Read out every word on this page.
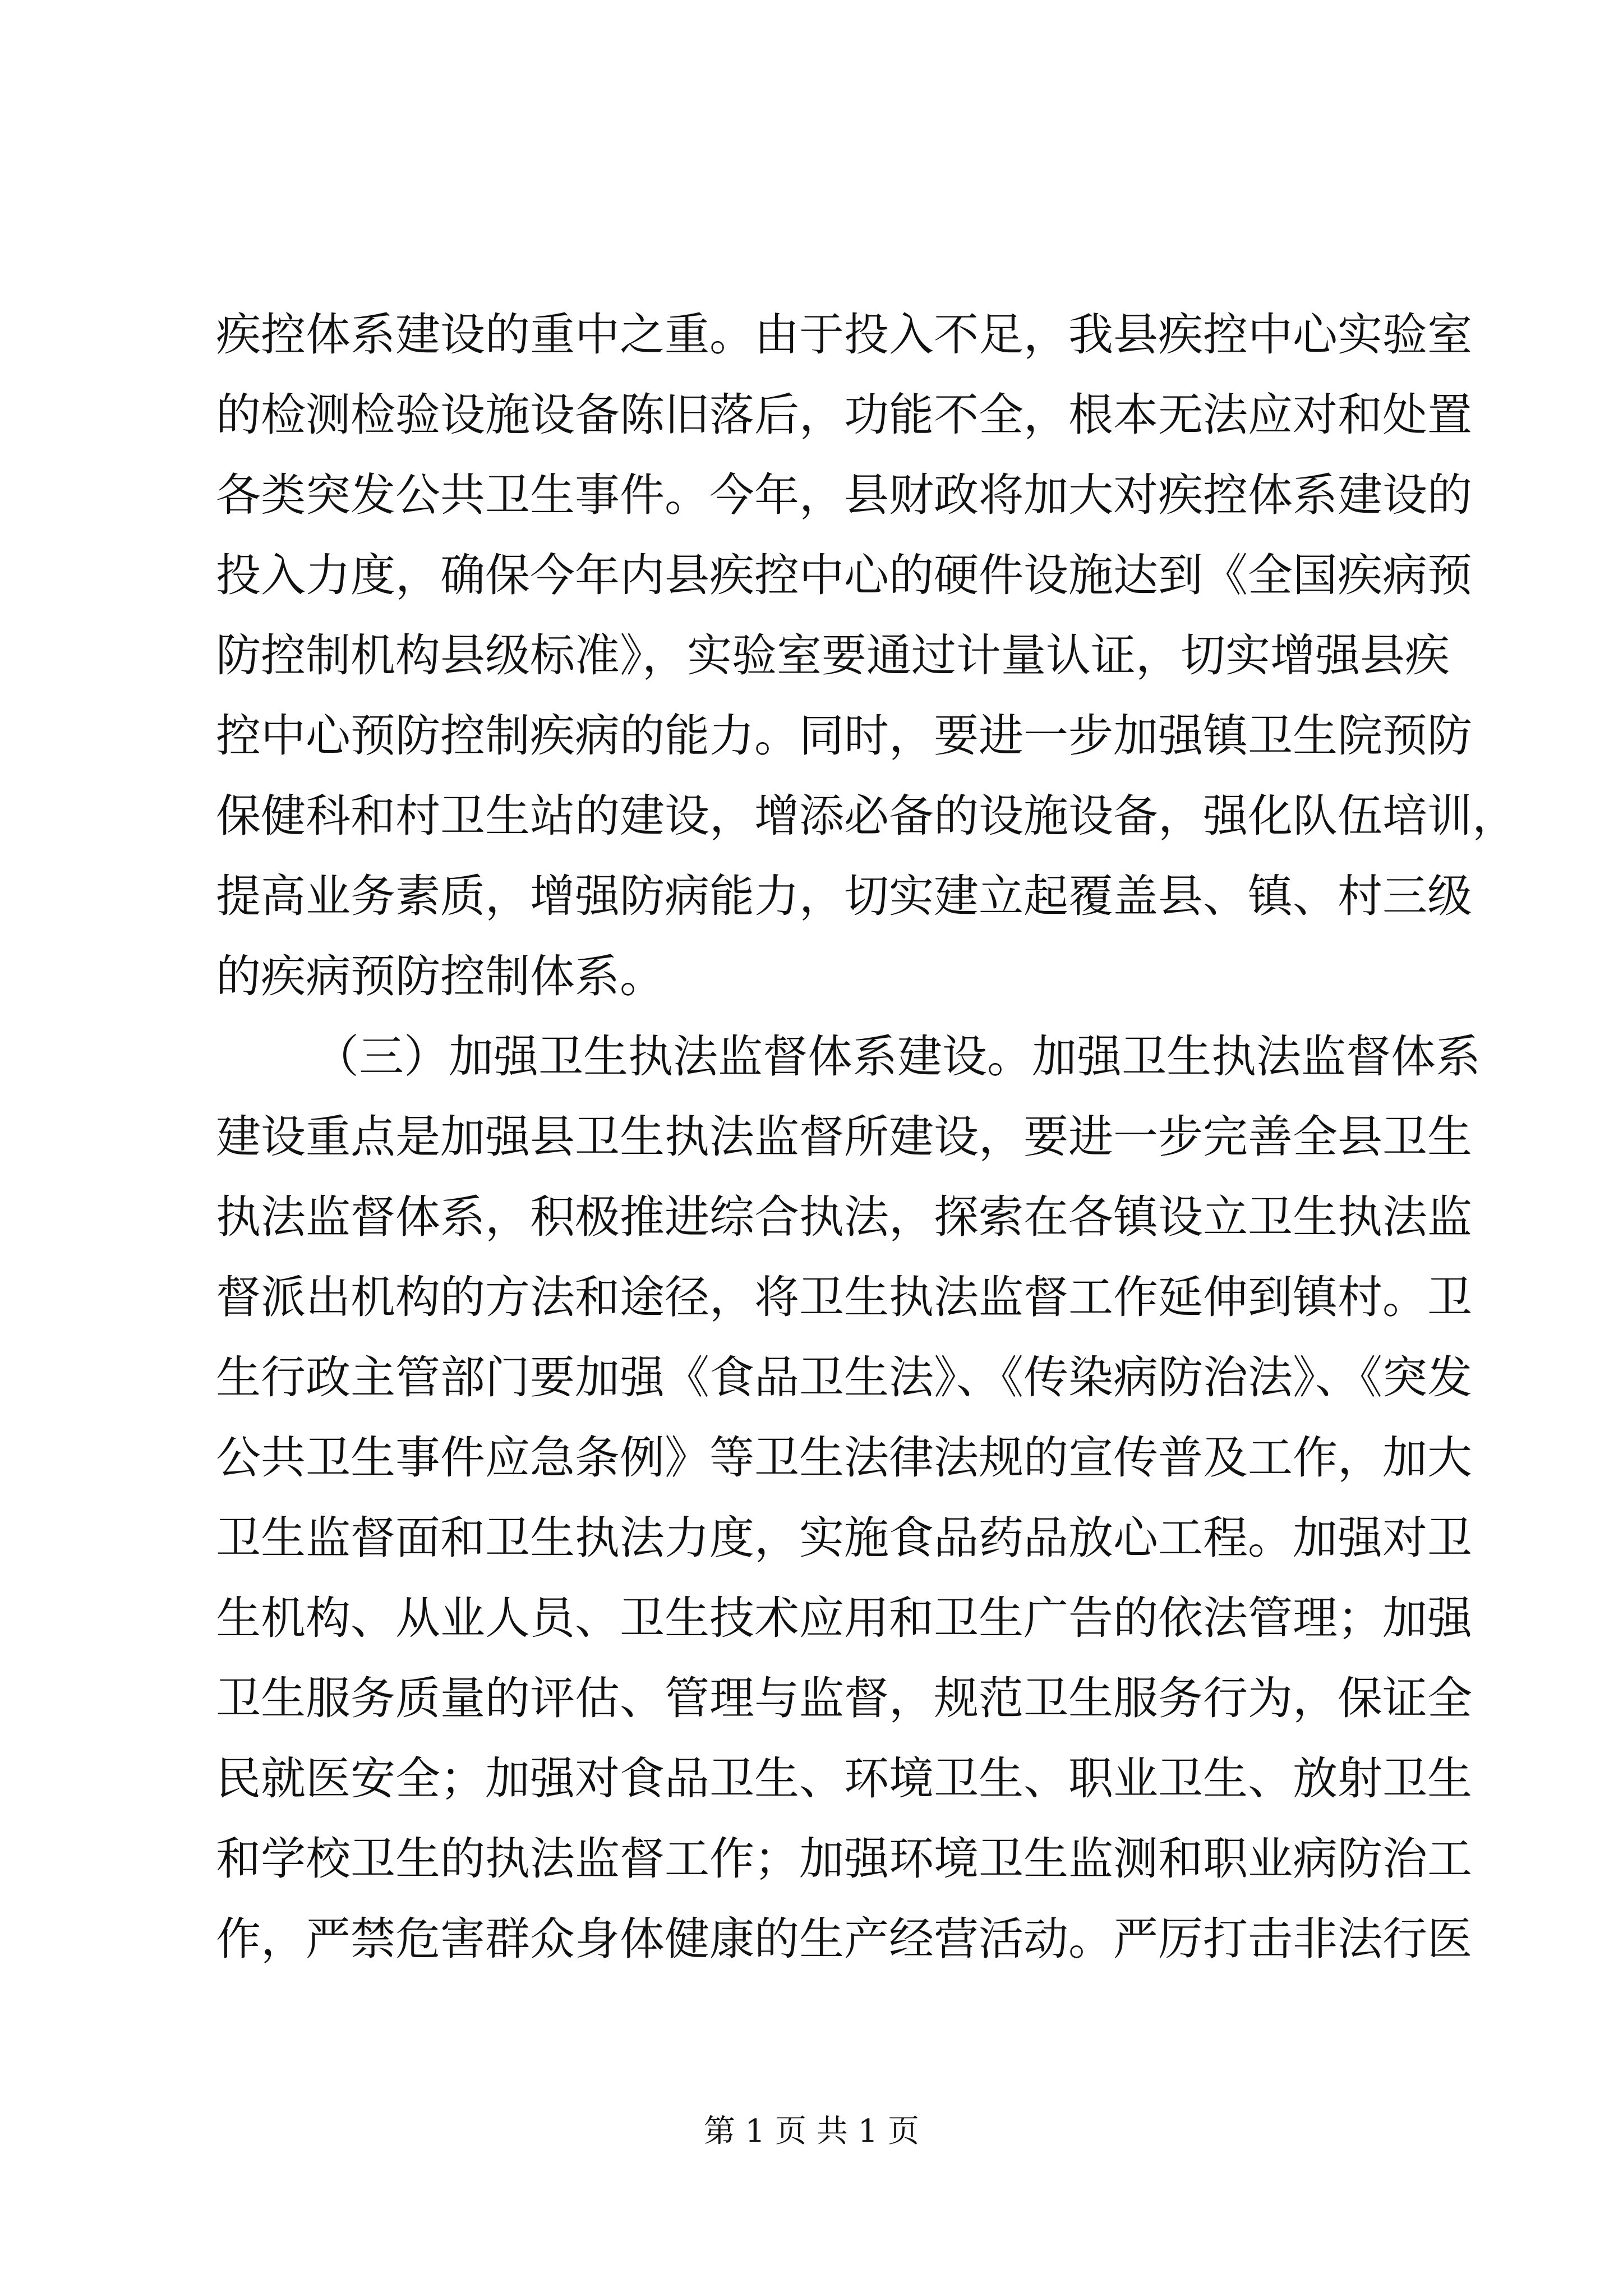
疾控体系建设的重中之重。由于投入不足，我县疾控中心实验室
的检测检验设施设备陈旧落后，功能不全，根本无法应对和处置
各类突发公共卫生事件。今年，县财政将加大对疾控体系建设的
投入力度，确保今年内县疾控中心的硬件设施达到《全国疾病预
防控制机构县级标准》，实验室要通过计量认证，切实增强县疾
控中心预防控制疾病的能力。同时，要进一步加强镇卫生院预防
保健科和村卫生站的建设，增添必备的设施设备，强化队伍培训，
提高业务素质，增强防病能力，切实建立起覆盖县、镇、村三级
的疾病预防控制体系。
（三）加强卫生执法监督体系建设。加强卫生执法监督体系
建设重点是加强县卫生执法监督所建设，要进一步完善全县卫生
执法监督体系，积极推进综合执法，探索在各镇设立卫生执法监
督派出机构的方法和途径，将卫生执法监督工作延伸到镇村。卫
生行政主管部门要加强《食品卫生法》、《传染病防治法》、《突发
公共卫生事件应急条例》等卫生法律法规的宣传普及工作，加大
卫生监督面和卫生执法力度，实施食品药品放心工程。加强对卫
生机构、从业人员、卫生技术应用和卫生广告的依法管理；加强
卫生服务质量的评估、管理与监督，规范卫生服务行为，保证全
民就医安全；加强对食品卫生、环境卫生、职业卫生、放射卫生
和学校卫生的执法监督工作；加强环境卫生监测和职业病防治工
作，严禁危害群众身体健康的生产经营活动。严厉打击非法行医
第 1 页 共 1 页
